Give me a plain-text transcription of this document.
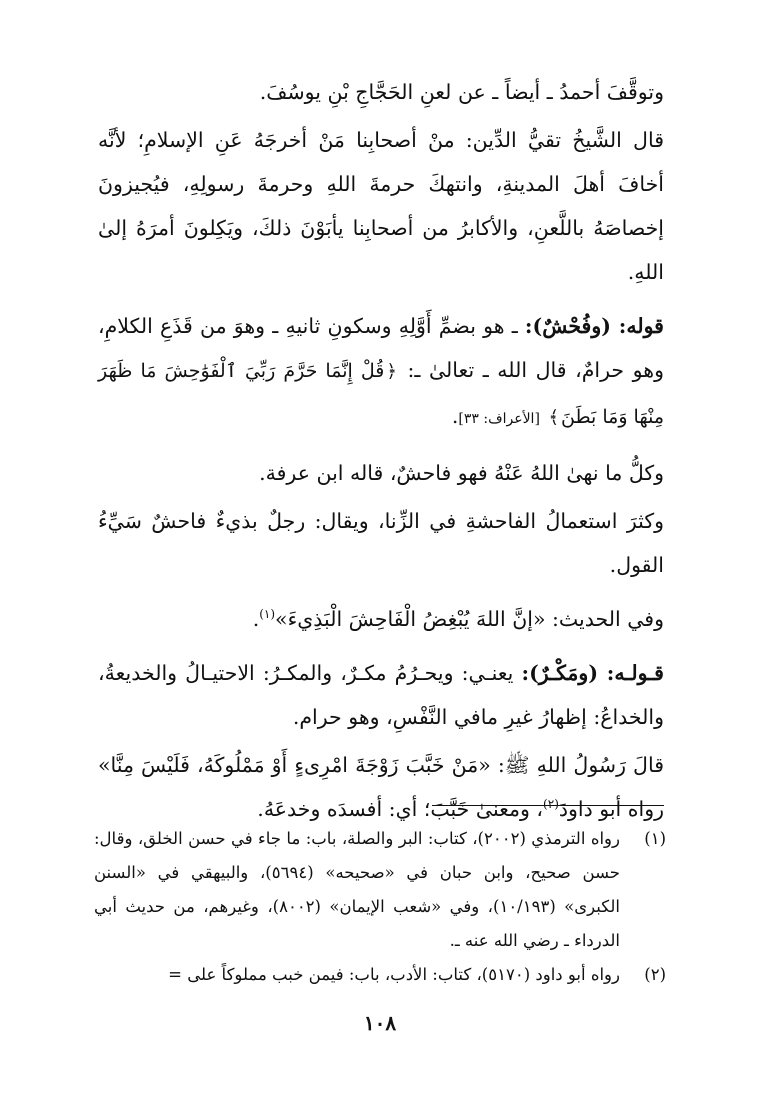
وتوقَّفَ أحمدُ ـ أيضاً ـ عن لعنِ الحَجَّاجِ بْنِ يوسُفَ.

قال الشَّيخُ تقيُّ الدِّين: منْ أصحابِنا مَنْ أخرجَهُ عَنِ الإسلامِ؛ لأنَّه أخافَ أهلَ المدينةِ، وانتهكَ حرمةَ اللهِ وحرمةَ رسولِهِ، فيُجيزونَ إخصاصَهُ باللَّعنِ، والأكابرُ من أصحابِنا يأبَوْنَ ذلكَ، ويَكِلونَ أمرَهُ إلىٰ اللهِ.

قوله: (وفُحْشٌ): ـ هو بضمِّ أَوَّلِهِ وسكونِ ثانيهِ ـ وهوَ من قَذَعِ الكلامِ، وهو حرامٌ، قال الله ـ تعالىٰ ـ: ﴿قُلْ إِنَّمَا حَرَّمَ رَبِّيَ ٱلْفَوَٰحِشَ مَا ظَهَرَ مِنْهَا وَمَا بَطَنَ﴾ [الأعراف: ٣٣].

وكلُّ ما نهىٰ اللهُ عَنْهُ فهو فاحشٌ، قاله ابن عرفة.

وكثرَ استعمالُ الفاحشةِ في الزِّنا، ويقال: رجلٌ بذيءٌ فاحشٌ سَيِّءُ القول.

وفي الحديث: «إنَّ اللهَ يُبْغِضُ الْفَاحِشَ الْبَذِيءَ»$^{(١)}$.

قـولـه: (ومَكْـرٌ): يعنـي: ويحـرُمُ مكـرٌ، والمكـرُ: الاحتيـالُ والخديعةُ، والخداعُ: إظهارُ غيرِ مافي النَّفْسِ، وهو حرام.

قالَ رَسُولُ اللهِ ﷺ: «مَنْ خَبَّبَ زَوْجَةَ امْرِىءٍ أَوْ مَمْلُوكَهُ، فَلَيْسَ مِنَّا» رواه أبو داودَ$^{(٢)}$، ومعنىٰ خَبَّبَ؛ أي: أفسدَه وخدعَهُ.

(١)
رواه الترمذي (٢٠٠٢)، كتاب: البر والصلة، باب: ما جاء في حسن الخلق، وقال: حسن صحيح، وابن حبان في «صحيحه» (٥٦٩٤)، والبيهقي في «السنن الكبرى» (١٠/١٩٣)، وفي «شعب الإيمان» (٨٠٠٢)، وغيرهم، من حديث أبي الدرداء ـ رضي الله عنه ـ.
(٢)
رواه أبو داود (٥١٧٠)، كتاب: الأدب، باب: فيمن خبب مملوكاً على =
١٠٨
